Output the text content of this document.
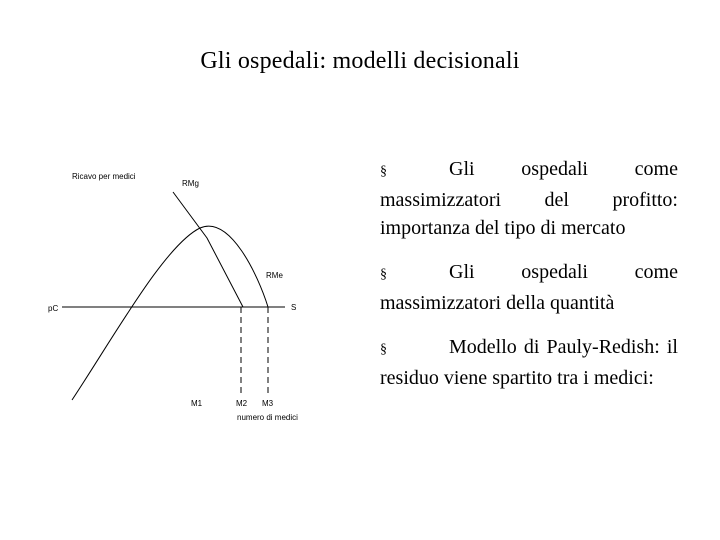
Gli ospedali: modelli decisionali
Ricavo per medici
RMg
RMe
pC	S
M1	M2 M3
numero di medici

§	Gli ospedali come massimizzatori del profitto: importanza del tipo di mercato

§	Gli ospedali come massimizzatori della quantità

§	Modello di Pauly-Redish: il residuo viene spartito tra i medici:
